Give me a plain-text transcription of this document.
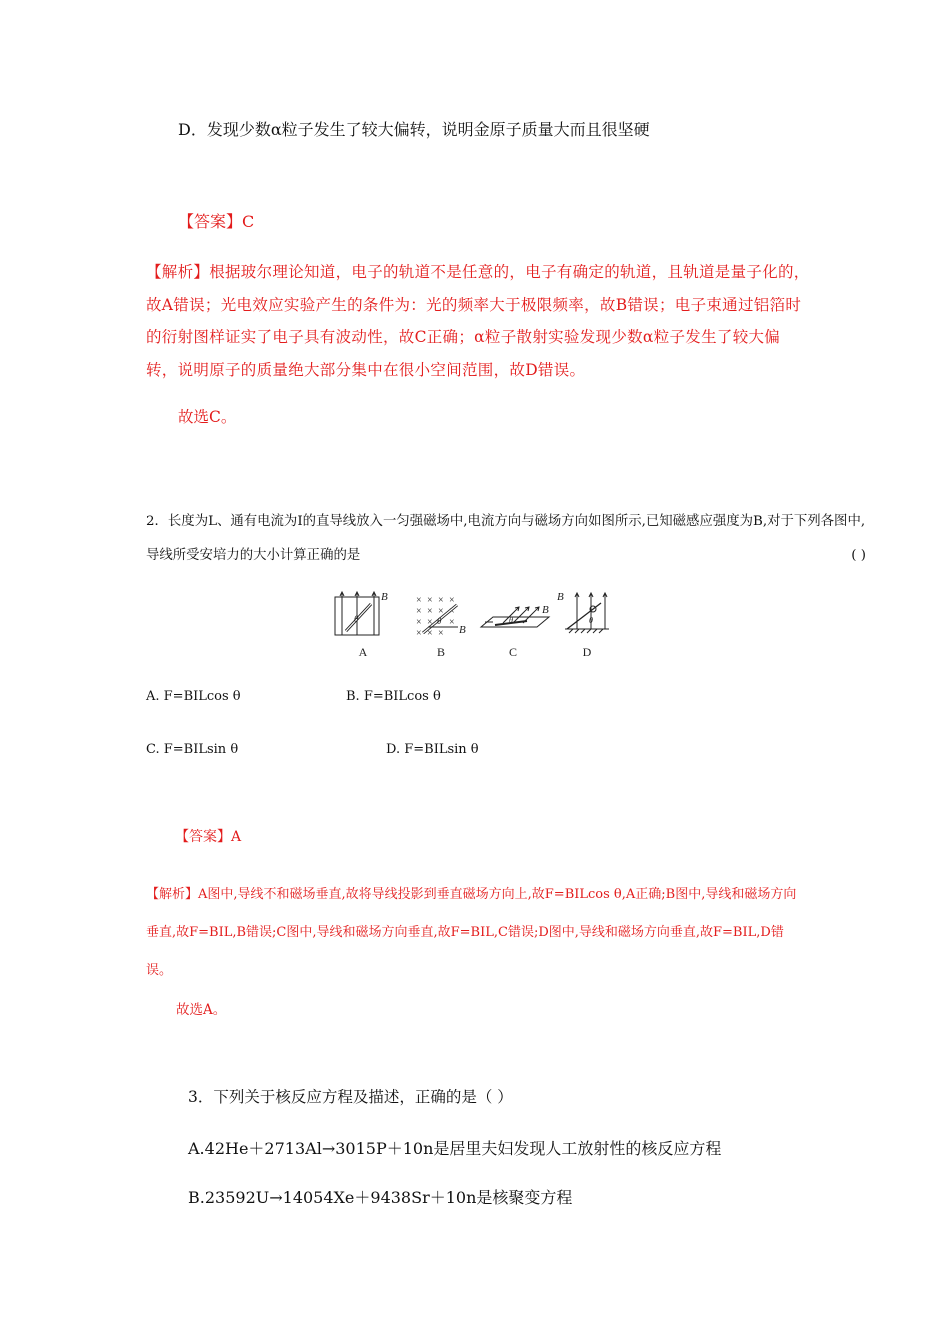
D．发现少数α粒子发生了较大偏转，说明金原子质量大而且很坚硬
【答案】C
【解析】根据玻尔理论知道，电子的轨道不是任意的，电子有确定的轨道，且轨道是量子化的，故A错误；光电效应实验产生的条件为：光的频率大于极限频率，故B错误；电子束通过铝箔时的衍射图样证实了电子具有波动性，故C正确；α粒子散射实验发现少数α粒子发生了较大偏转，说明原子的质量绝大部分集中在很小空间范围，故D错误。
故选C。
2．长度为L、通有电流为I的直导线放入一匀强磁场中,电流方向与磁场方向如图所示,已知磁感应强度为B,对于下列各图中,导线所受安培力的大小计算正确的是	( )
B
θ
A
× × × ×
× × × ×
× × ×
× × × B
θ
B
B
θ
C
B
θ
D
A. F=BILcos θ	B. F=BILcos θ
C. F=BILsin θ	D. F=BILsin θ
【答案】A
【解析】A图中,导线不和磁场垂直,故将导线投影到垂直磁场方向上,故F=BILcos θ,A正确;B图中,导线和磁场方向垂直,故F=BIL,B错误;C图中,导线和磁场方向垂直,故F=BIL,C错误;D图中,导线和磁场方向垂直,故F=BIL,D错误。
故选A。
3．下列关于核反应方程及描述，正确的是（ ）
A.42He＋2713Al→3015P＋10n是居里夫妇发现人工放射性的核反应方程
B.23592U→14054Xe＋9438Sr＋10n是核聚变方程
